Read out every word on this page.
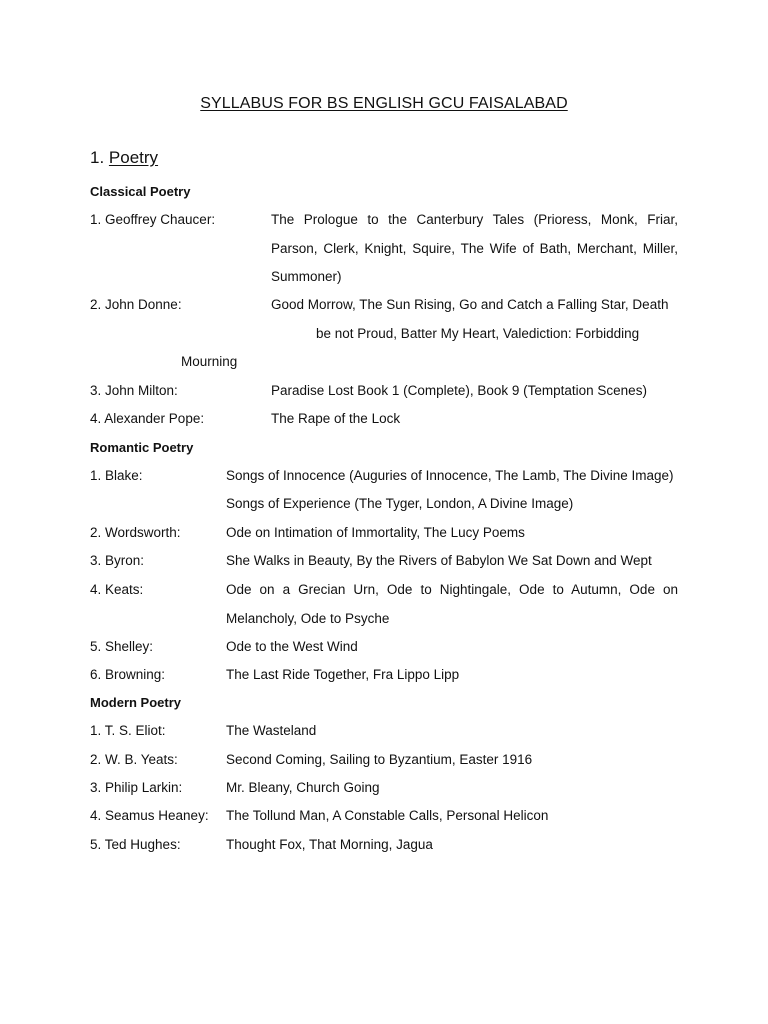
SYLLABUS FOR BS ENGLISH GCU FAISALABAD
1. Poetry
Classical Poetry
1. Geoffrey Chaucer:	The Prologue to the Canterbury Tales (Prioress, Monk, Friar, Parson, Clerk, Knight, Squire, The Wife of Bath, Merchant, Miller, Summoner)
2. John Donne:	Good Morrow, The Sun Rising, Go and Catch a Falling Star, Death
be not Proud, Batter My Heart, Valediction: Forbidding
Mourning
3. John Milton:	Paradise Lost Book 1 (Complete), Book 9 (Temptation Scenes)
4. Alexander Pope:	The Rape of the Lock
Romantic Poetry
1. Blake:	Songs of Innocence (Auguries of Innocence, The Lamb, The Divine Image)
Songs of Experience (The Tyger, London, A Divine Image)
2. Wordsworth:	Ode on Intimation of Immortality, The Lucy Poems
3. Byron:	She Walks in Beauty, By the Rivers of Babylon We Sat Down and Wept
4. Keats:	Ode on a Grecian Urn, Ode to Nightingale, Ode to Autumn, Ode on Melancholy, Ode to Psyche
5. Shelley:	Ode to the West Wind
6. Browning:	The Last Ride Together, Fra Lippo Lipp
Modern Poetry
1. T. S. Eliot:	The Wasteland
2. W. B. Yeats:	Second Coming, Sailing to Byzantium, Easter 1916
3. Philip Larkin:	Mr. Bleany, Church Going
4. Seamus Heaney: The Tollund Man, A Constable Calls, Personal Helicon
5. Ted Hughes:	Thought Fox, That Morning, Jagua
